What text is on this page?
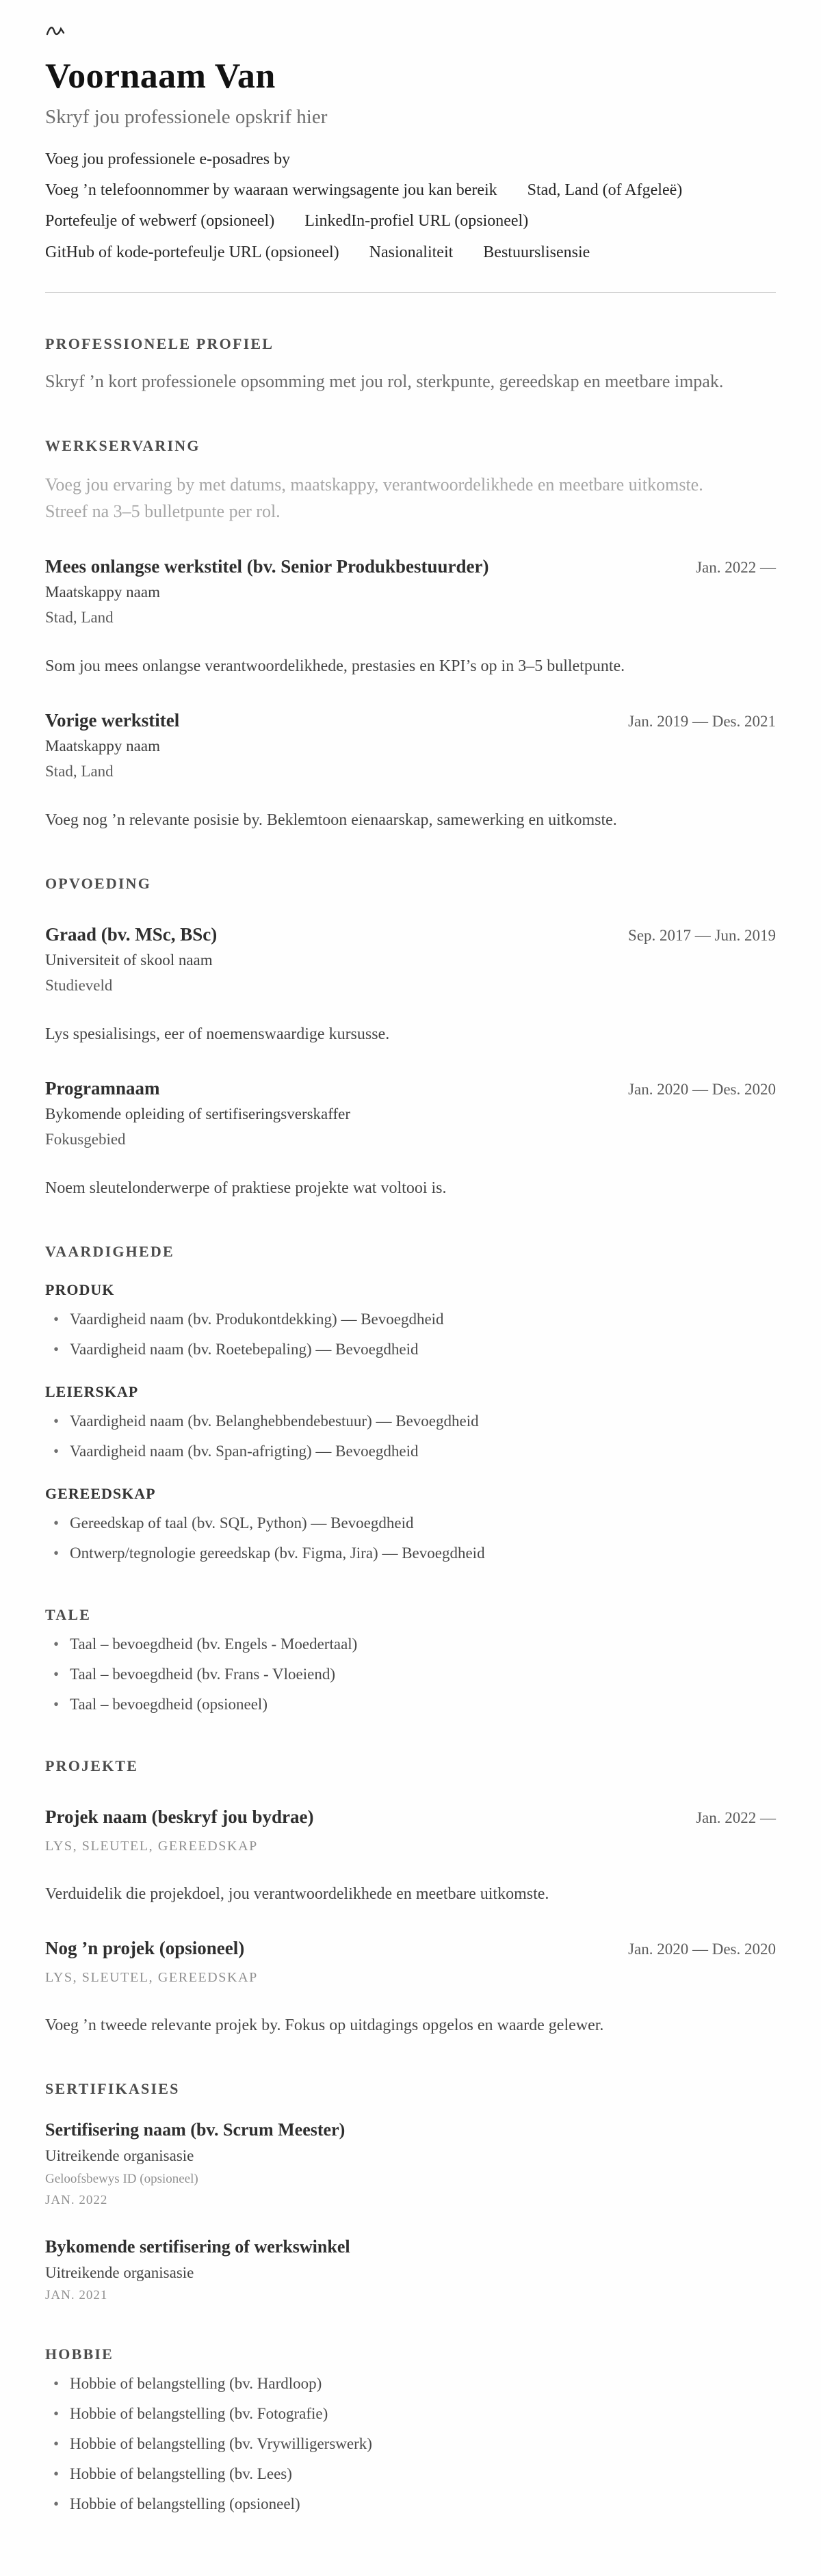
Voornaam Van

Skryf jou professionele opskrif hier

Voeg jou professionele e-posadres by
Voeg ’n telefoonnommer by waaraan werwingsagente jou kan bereik Stad, Land (of Afgeleë)
Portefeulje of webwerf (opsioneel) LinkedIn-profiel URL (opsioneel)
GitHub of kode-portefeulje URL (opsioneel) Nasionaliteit Bestuurslisensie
PROFESSIONELE PROFIEL

Skryf ’n kort professionele opsomming met jou rol, sterkpunte, gereedskap en meetbare impak.

WERKSERVARING

Voeg jou ervaring by met datums, maatskappy, verantwoordelikhede en meetbare uitkomste. Streef na 3–5 bulletpunte per rol.

Mees onlangse werkstitel (bv. Senior Produkbestuurder)	Jan. 2022 —

Maatskappy naam

Stad, Land

Som jou mees onlangse verantwoordelikhede, prestasies en KPI’s op in 3–5 bulletpunte.

Vorige werkstitel	Jan. 2019 — Des. 2021

Maatskappy naam

Stad, Land

Voeg nog ’n relevante posisie by. Beklemtoon eienaarskap, samewerking en uitkomste.

OPVOEDING
Graad (bv. MSc, BSc)	Sep. 2017 — Jun. 2019

Universiteit of skool naam

Studieveld

Lys spesialisings, eer of noemenswaardige kursusse.

Programnaam	Jan. 2020 — Des. 2020

Bykomende opleiding of sertifiseringsverskaffer

Fokusgebied

Noem sleutelonderwerpe of praktiese projekte wat voltooi is.

VAARDIGHEDE
PRODUK
• Vaardigheid naam (bv. Produkontdekking) — Bevoegdheid
• Vaardigheid naam (bv. Roetebepaling) — Bevoegdheid
LEIERSKAP
• Vaardigheid naam (bv. Belanghebbendebestuur) — Bevoegdheid
• Vaardigheid naam (bv. Span-afrigting) — Bevoegdheid
GEREEDSKAP
• Gereedskap of taal (bv. SQL, Python) — Bevoegdheid
• Ontwerp/tegnologie gereedskap (bv. Figma, Jira) — Bevoegdheid
TALE
• Taal – bevoegdheid (bv. Engels - Moedertaal)
• Taal – bevoegdheid (bv. Frans - Vloeiend)
• Taal – bevoegdheid (opsioneel)
PROJEKTE
Projek naam (beskryf jou bydrae)	Jan. 2022 —

LYS, SLEUTEL, GEREEDSKAP

Verduidelik die projekdoel, jou verantwoordelikhede en meetbare uitkomste.

Nog ’n projek (opsioneel)	Jan. 2020 — Des. 2020

LYS, SLEUTEL, GEREEDSKAP

Voeg ’n tweede relevante projek by. Fokus op uitdagings opgelos en waarde gelewer.

SERTIFIKASIES
Sertifisering naam (bv. Scrum Meester)

Uitreikende organisasie

Geloofsbewys ID (opsioneel)

JAN. 2022

Bykomende sertifisering of werkswinkel

Uitreikende organisasie

JAN. 2021

HOBBIE
• Hobbie of belangstelling (bv. Hardloop)
• Hobbie of belangstelling (bv. Fotografie)
• Hobbie of belangstelling (bv. Vrywilligerswerk)
• Hobbie of belangstelling (bv. Lees)
• Hobbie of belangstelling (opsioneel)
